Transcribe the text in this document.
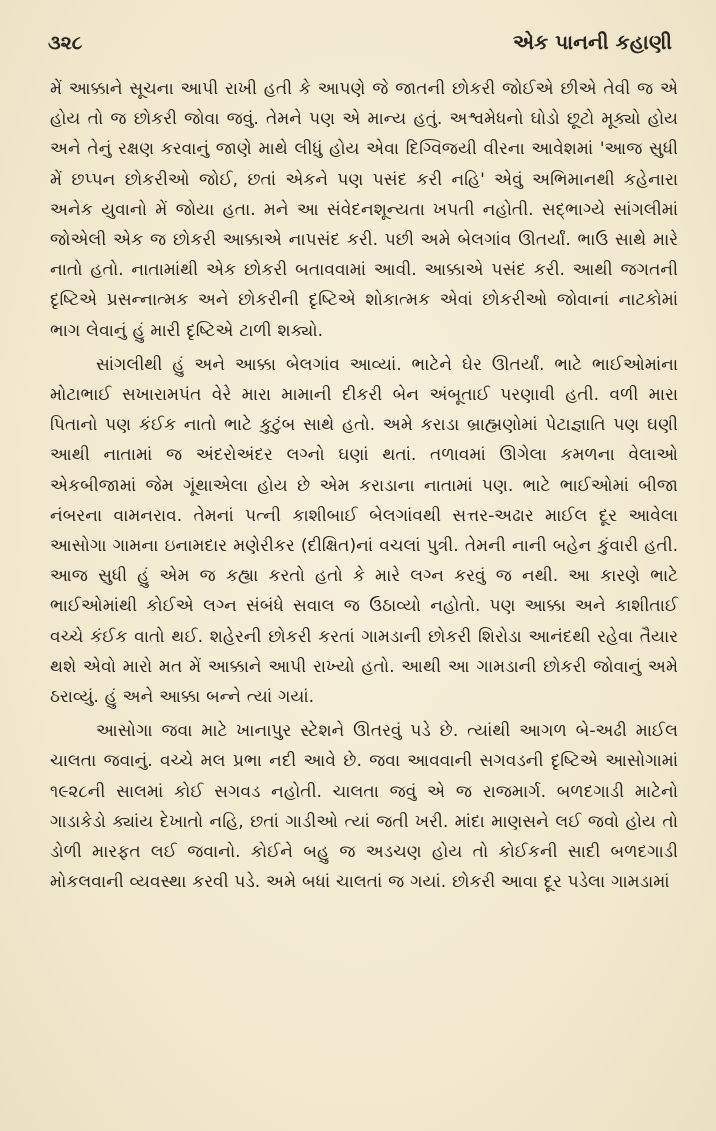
૩૨૮	એક પાનની કહાણી

મેં આક્કાને સૂચના આપી રાખી હતી કે આપણે જે જાતની છોકરી જોઈએ છીએ તેવી જ એ હોય તો જ છોકરી જોવા જવું. તેમને પણ એ માન્ય હતું. અશ્વમેધનો ઘોડો છૂટો મૂક્યો હોય અને તેનું રક્ષણ કરવાનું જાણે માથે લીધું હોય એવા દિગ્વિજયી વીરના આવેશમાં 'આજ સુધી મેં છપ્પન છોકરીઓ જોઈ, છતાં એકને પણ પસંદ કરી નહિ' એવું અભિમાનથી કહેનારા અનેક યુવાનો મેં જોયા હતા. મને આ સંવેદનશૂન્યતા ખપતી નહોતી. સદ્ભાગ્યે સાંગલીમાં જોએલી એક જ છોકરી આક્કાએ નાપસંદ કરી. પછી અમે બેલગાંવ ઊતર્યાં. ભાઉ સાથે મારે નાતો હતો. નાતામાંથી એક છોકરી બતાવવામાં આવી. આક્કાએ પસંદ કરી. આથી જગતની દૃષ્ટિએ પ્રસન્નાત્મક અને છોકરીની દૃષ્ટિએ શોકાત્મક એવાં છોકરીઓ જોવાનાં નાટકોમાં ભાગ લેવાનું હું મારી દૃષ્ટિએ ટાળી શક્યો.

સાંગલીથી હું અને આક્કા બેલગાંવ આવ્યાં. ભાટેને ઘેર ઊતર્યાં. ભાટે ભાઈઓમાંના મોટાભાઈ સખારામપંત વેરે મારા મામાની દીકરી બેન અંબૂતાઈ પરણાવી હતી. વળી મારા પિતાનો પણ કંઈક નાતો ભાટે કુટુંબ સાથે હતો. અમે કરાડા બ્રાહ્મણોમાં પેટાજ્ઞાતિ પણ ઘણી આથી નાતામાં જ અંદરોઅંદર લગ્નો ઘણાં થતાં. તળાવમાં ઊગેલા કમળના વેલાઓ એકબીજામાં જેમ ગૂંથાએલા હોય છે એમ કરાડાના નાતામાં પણ. ભાટે ભાઈઓમાં બીજા નંબરના વામનરાવ. તેમનાં પત્ની કાશીબાઈ બેલગાંવથી સત્તર-અઢાર માઈલ દૂર આવેલા આસોગા ગામના ઇનામદાર મણેરીકર (દીક્ષિત)નાં વચલાં પુત્રી. તેમની નાની બહેન કુંવારી હતી. આજ સુધી હું એમ જ કહ્યા કરતો હતો કે મારે લગ્ન કરવું જ નથી. આ કારણે ભાટે ભાઈઓમાંથી કોઈએ લગ્ન સંબંધે સવાલ જ ઉઠાવ્યો નહોતો. પણ આક્કા અને કાશીતાઈ વચ્ચે કંઈક વાતો થઈ. શહેરની છોકરી કરતાં ગામડાની છોકરી શિરોડા આનંદથી રહેવા તૈયાર થશે એવો મારો મત મેં આક્કાને આપી રાખ્યો હતો. આથી આ ગામડાની છોકરી જોવાનું અમે ઠરાવ્યું. હું અને આક્કા બન્ને ત્યાં ગયાં.

આસોગા જવા માટે ખાનાપુર સ્ટેશને ઊતરવું પડે છે. ત્યાંથી આગળ બે-અઢી માઈલ ચાલતા જવાનું. વચ્ચે મલ પ્રભા નદી આવે છે. જવા આવવાની સગવડની દૃષ્ટિએ આસોગામાં ૧૯૨૮ની સાલમાં કોઈ સગવડ નહોતી. ચાલતા જવું એ જ રાજમાર્ગ. બળદગાડી માટેનો ગાડાકેડો ક્યાંય દેખાતો નહિ, છતાં ગાડીઓ ત્યાં જતી ખરી. માંદા માણસને લઈ જવો હોય તો ડોળી મારફત લઈ જવાનો. કોઈને બહુ જ અડચણ હોય તો કોઈકની સાદી બળદગાડી મોકલવાની વ્યવસ્થા કરવી પડે. અમે બધાં ચાલતાં જ ગયાં. છોકરી આવા દૂર પડેલા ગામડામાં
